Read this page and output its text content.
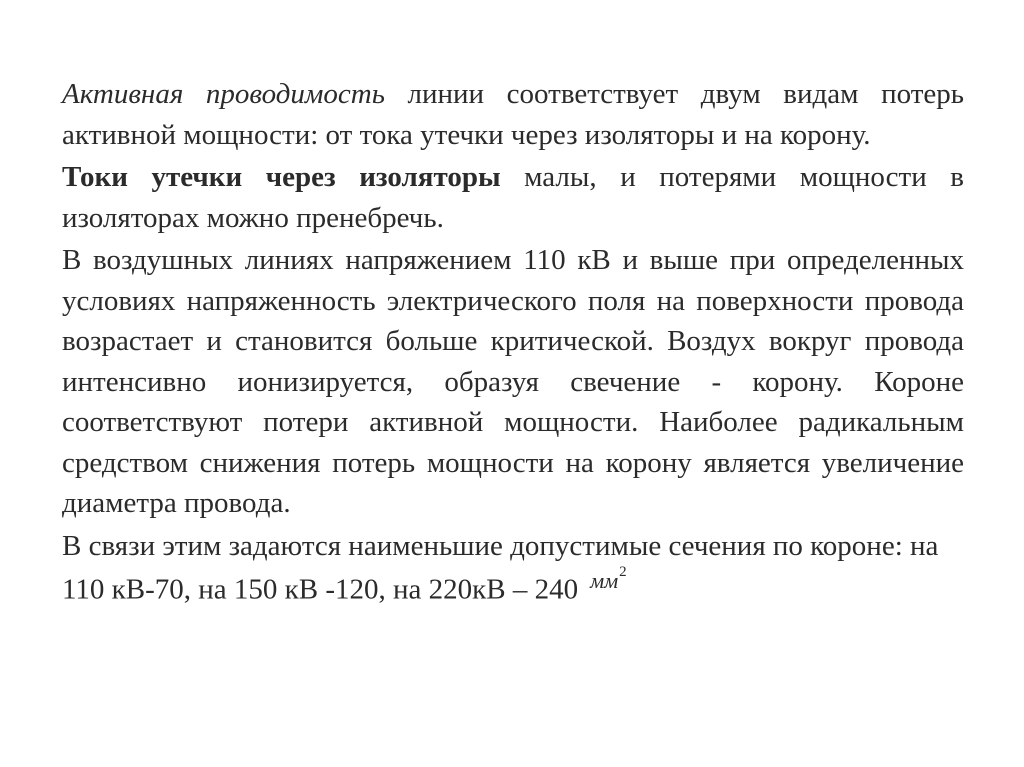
Активная проводимость линии соответствует двум видам потерь активной мощности: от тока утечки через изоляторы и на корону.

Токи утечки через изоляторы малы, и потерями мощности в изоляторах можно пренебречь.

В воздушных линиях напряжением 110 кВ и выше при определенных условиях напряженность электрического поля на поверхности провода возрастает и становится больше критической. Воздух вокруг провода интенсивно ионизируется, образуя свечение - корону. Короне соответствуют потери активной мощности. Наиболее радикальным средством снижения потерь мощности на корону является увеличение диаметра провода.

В связи этим задаются наименьшие допустимые сечения по короне: на 110 кВ-70, на 150 кВ -120, на 220кВ – 240 $^{мм^2}$
